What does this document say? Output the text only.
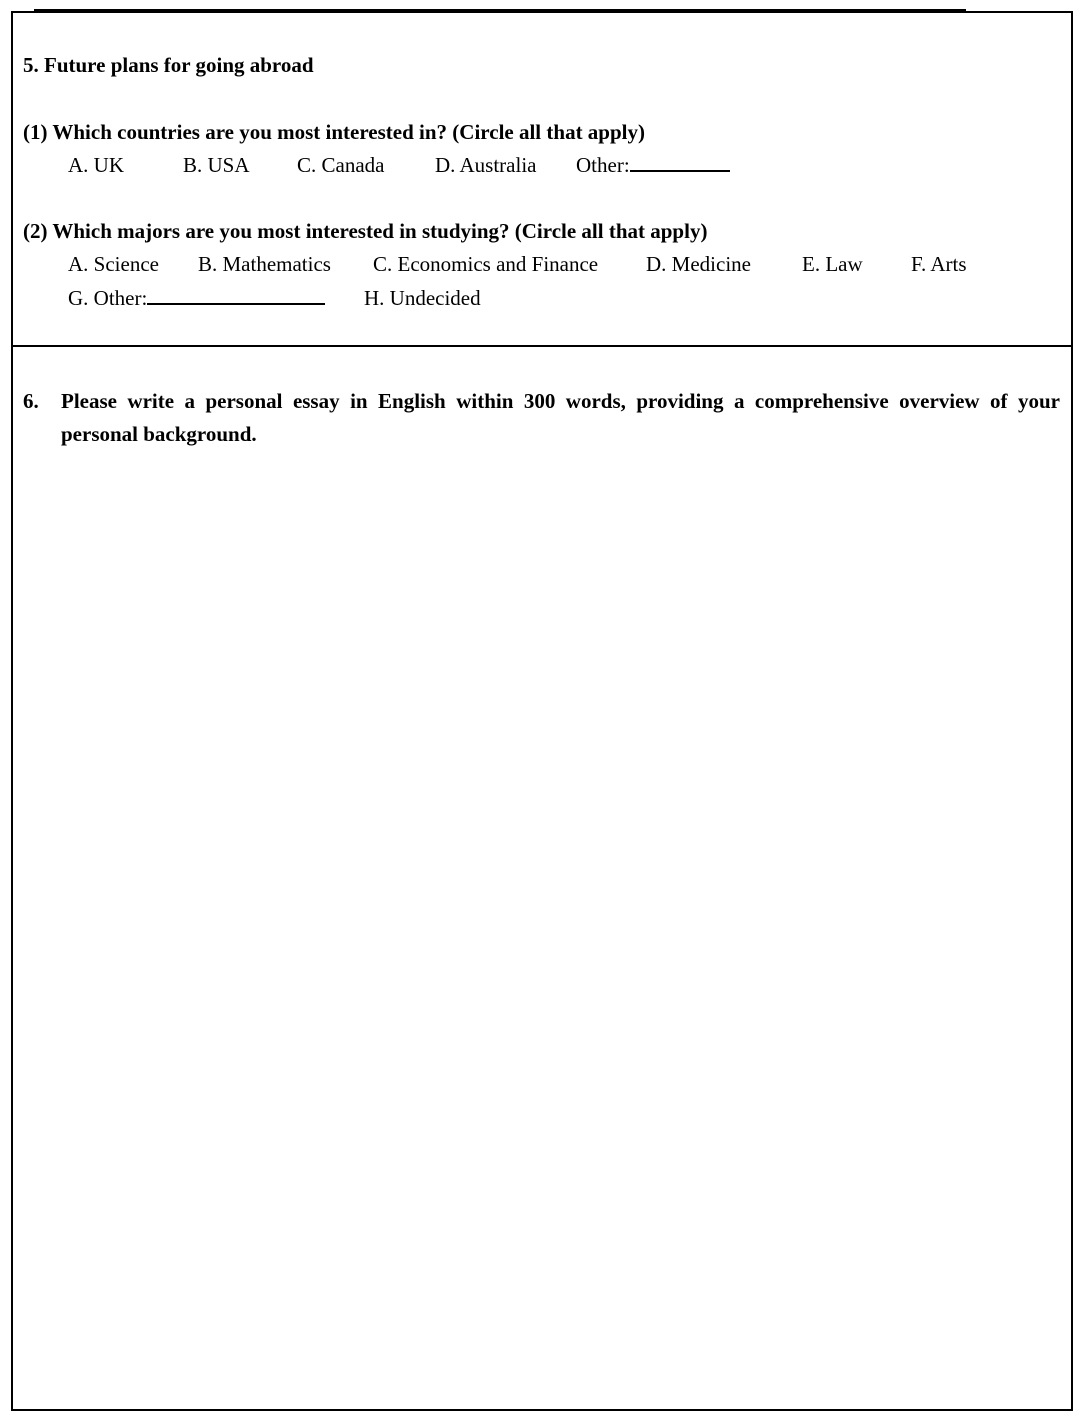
5. Future plans for going abroad
(1) Which countries are you most interested in? (Circle all that apply)
A. UK	B. USA C. Canada D. Australia Other:
(2) Which majors are you most interested in studying? (Circle all that apply)
A. Science B. Mathematics C. Economics and Finance D. Medicine E. Law F. Arts
G. Other:	H. Undecided
6. Please write a personal essay in English within 300 words, providing a comprehensive overview of your personal background.
